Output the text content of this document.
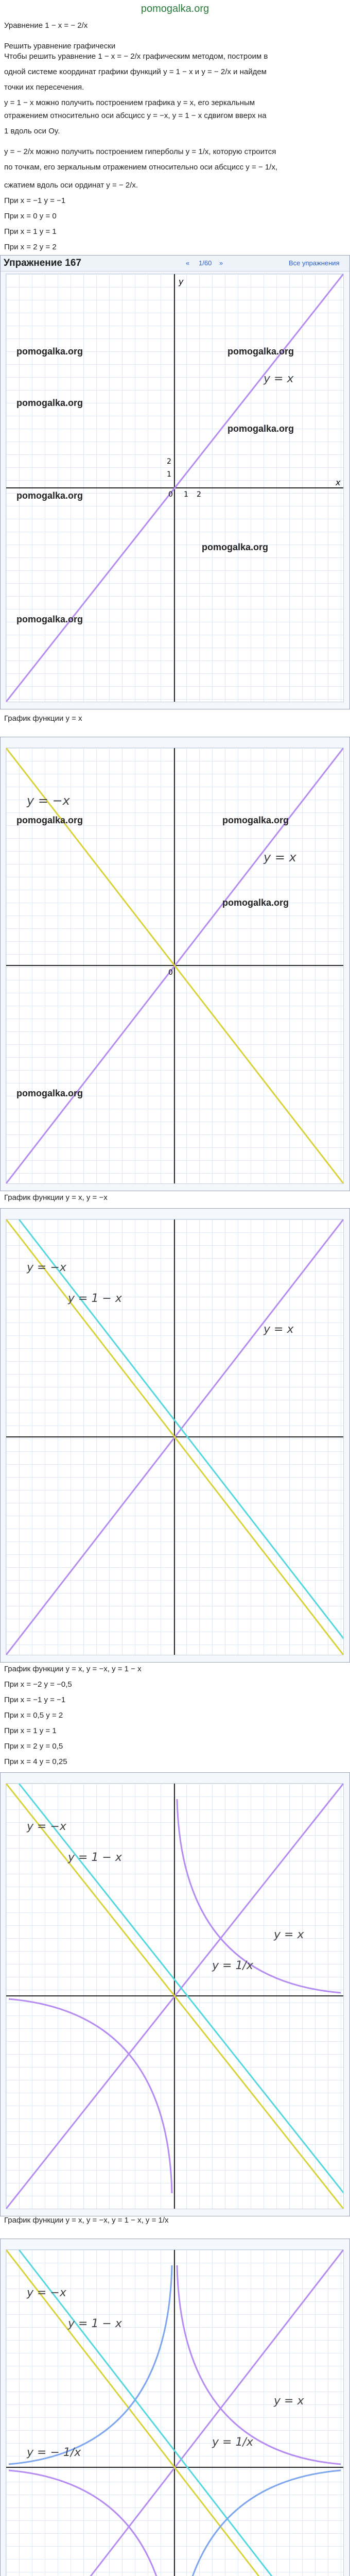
pomogalka.org
Уравнение 1 − x = − 2/x
Решить уравнение графически
Чтобы решить уравнение 1 − x = − 2/x графическим методом, построим в
одной системе координат графики функций y = 1 − x и y = − 2/x и найдем
точки их пересечения.
y = 1 − x можно получить построением графика y = x, его зеркальным
отражением относительно оси абсцисс y = −x, y = 1 − x сдвигом вверх на
1 вдоль оси Oy.
y = − 2/x можно получить построением гиперболы y = 1/x, которую строится
по точкам, его зеркальным отражением относительно оси абсцисс y = − 1/x,
сжатием вдоль оси ординат y = − 2/x.
При x = −1 y = −1
При x = 0 y = 0
При x = 1 y = 1
При x = 2 y = 2
Упражнение 167	« 1/60 »	Все упражнения
y
x
0 1 2
1
2
y = x
pomogalka.org
pomogalka.org
pomogalka.org
pomogalka.org
pomogalka.org
pomogalka.org
pomogalka.org
График функции y = x
y = −x
y = x
0
pomogalka.org	pomogalka.org
pomogalka.org
pomogalka.org
График функции y = x, y = −x
y = −x
y = 1 − x
y = x
График функции y = x, y = −x, y = 1 − x
При x = −2 y = −0,5
При x = −1 y = −1
При x = 0,5 y = 2
При x = 1 y = 1
При x = 2 y = 0,5
При x = 4 y = 0,25
y = −x
y = 1 − x
y = x
y = 1/x
График функции y = x, y = −x, y = 1 − x, y = 1/x
y = −x
y = 1 − x
y = − 1/x
y = 1/x
y = x
